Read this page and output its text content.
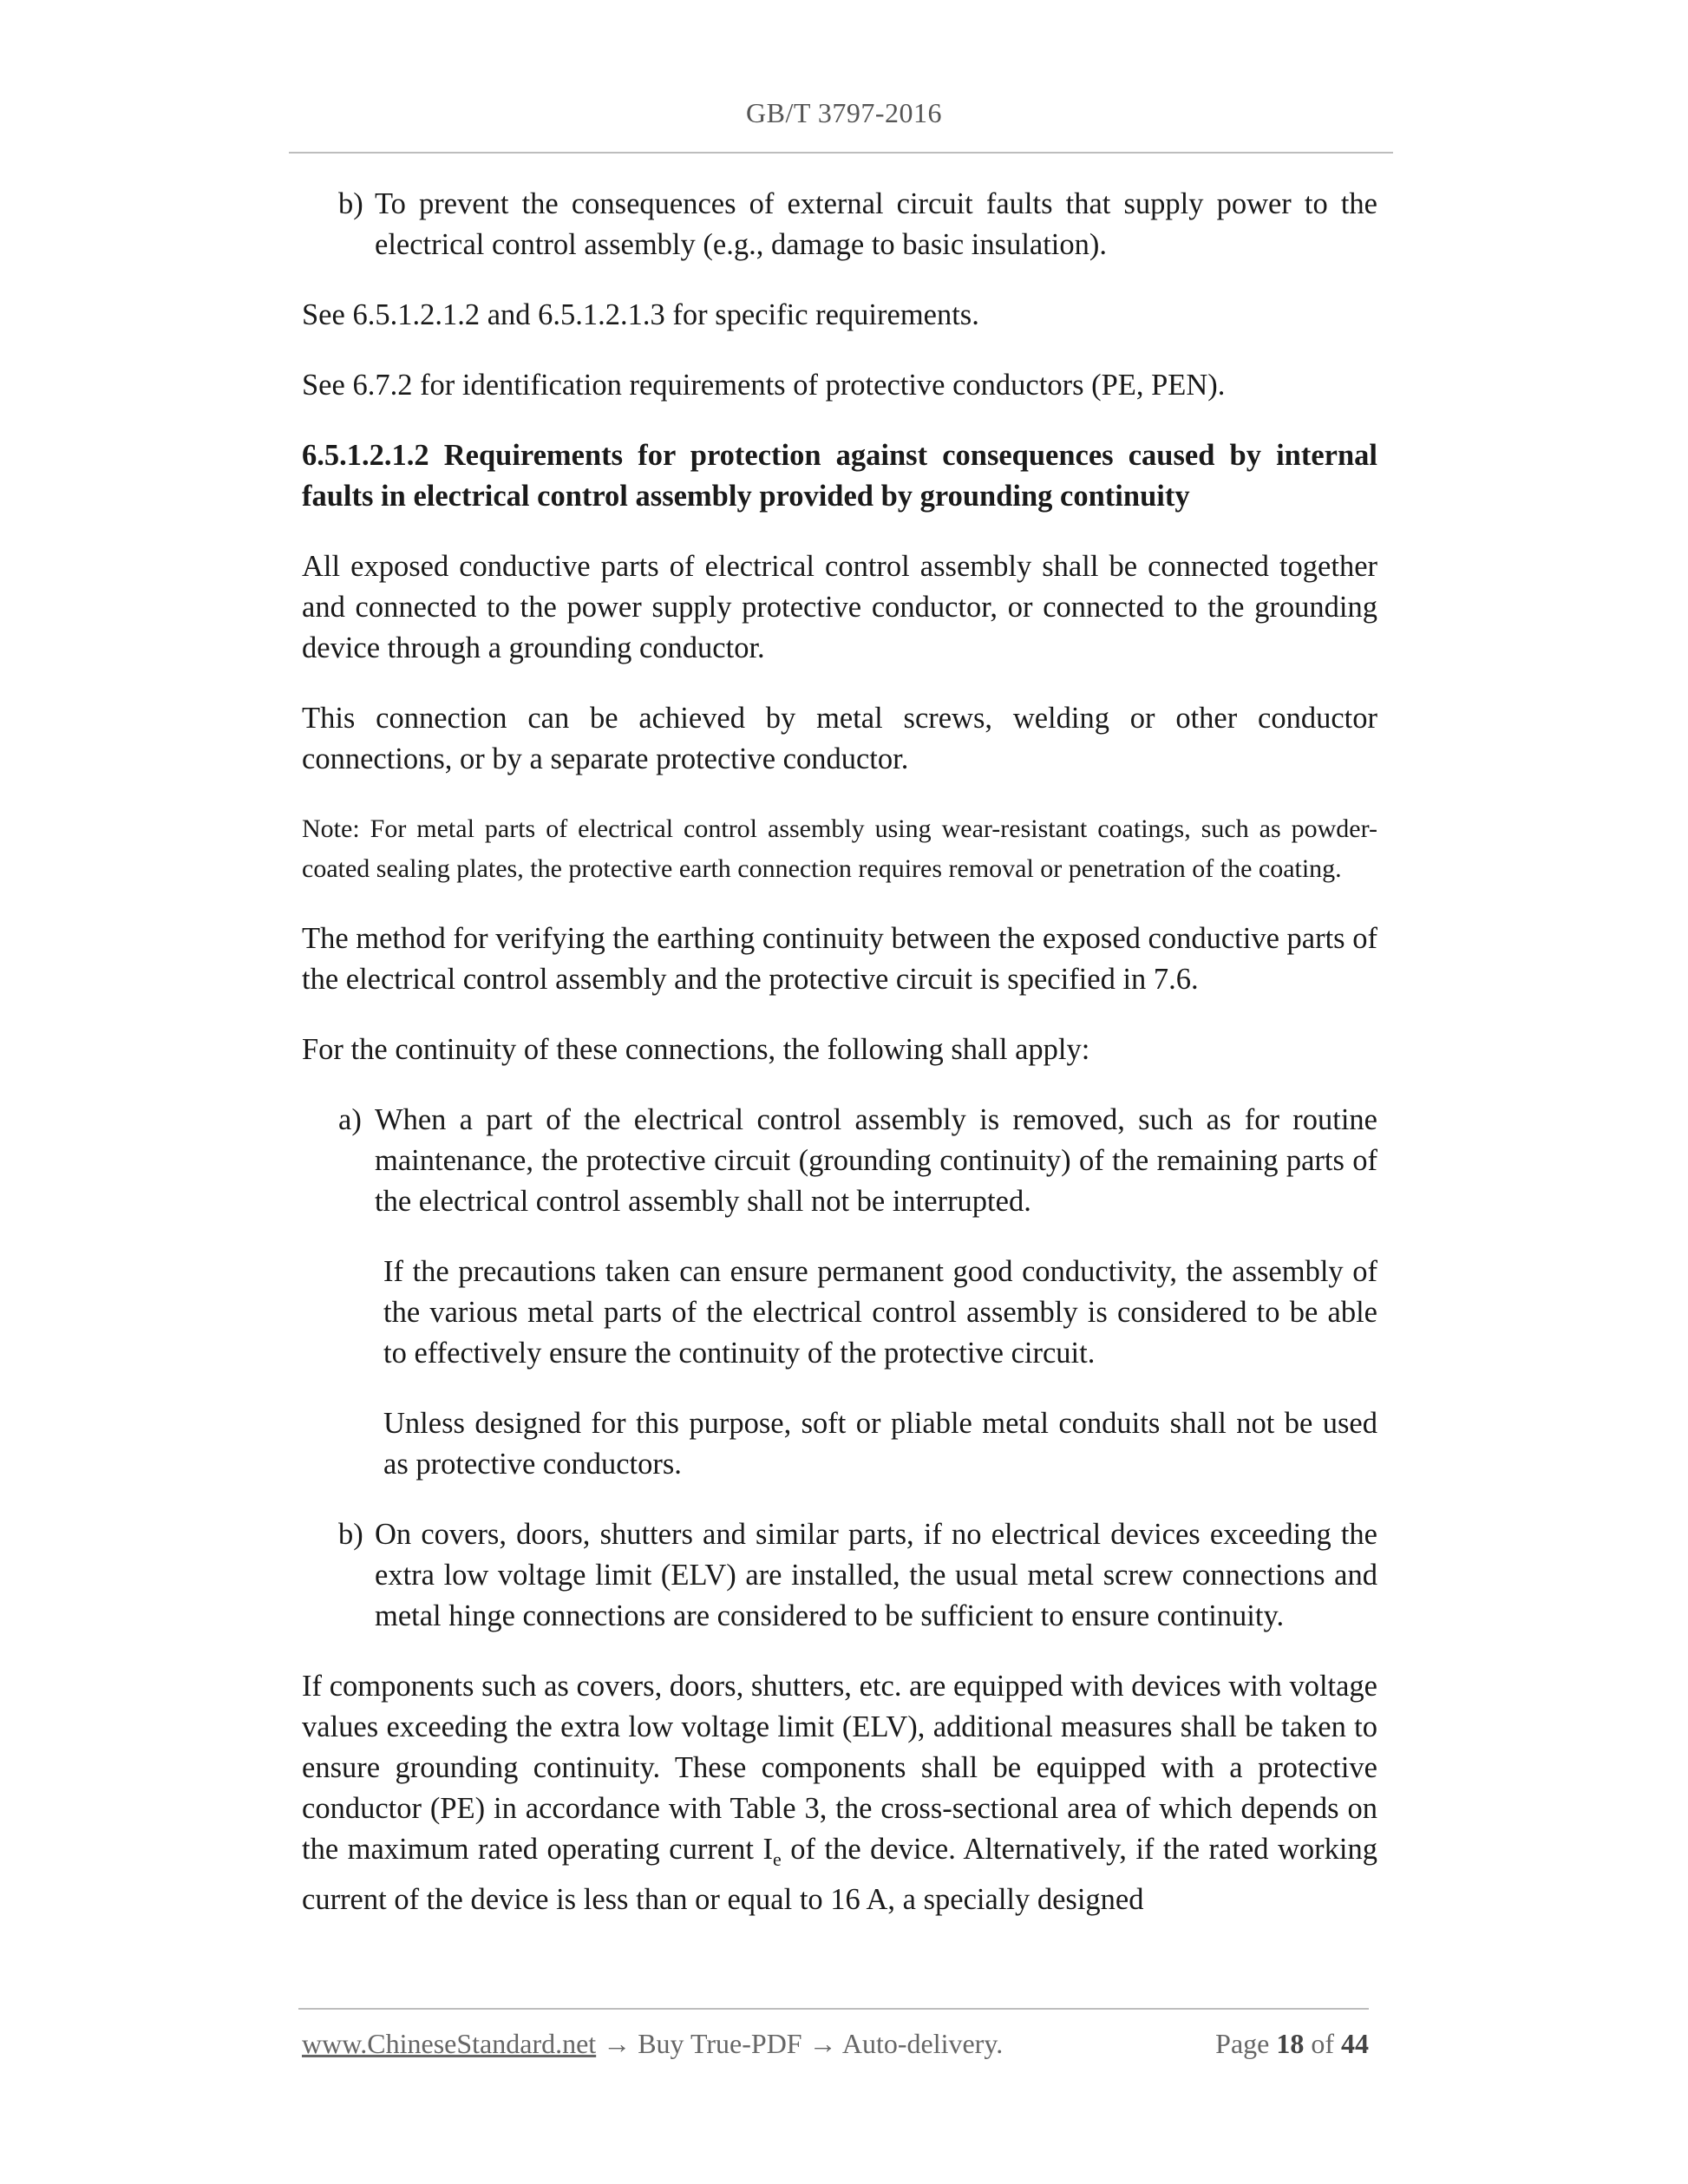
GB/T 3797-2016
b) To prevent the consequences of external circuit faults that supply power to the electrical control assembly (e.g., damage to basic insulation).

See 6.5.1.2.1.2 and 6.5.1.2.1.3 for specific requirements.

See 6.7.2 for identification requirements of protective conductors (PE, PEN).

6.5.1.2.1.2 Requirements for protection against consequences caused by internal faults in electrical control assembly provided by grounding continuity

All exposed conductive parts of electrical control assembly shall be connected together and connected to the power supply protective conductor, or connected to the grounding device through a grounding conductor.

This connection can be achieved by metal screws, welding or other conductor connections, or by a separate protective conductor.

Note: For metal parts of electrical control assembly using wear-resistant coatings, such as powder-coated sealing plates, the protective earth connection requires removal or penetration of the coating.

The method for verifying the earthing continuity between the exposed conductive parts of the electrical control assembly and the protective circuit is specified in 7.6.

For the continuity of these connections, the following shall apply:

a) When a part of the electrical control assembly is removed, such as for routine maintenance, the protective circuit (grounding continuity) of the remaining parts of the electrical control assembly shall not be interrupted.

If the precautions taken can ensure permanent good conductivity, the assembly of the various metal parts of the electrical control assembly is considered to be able to effectively ensure the continuity of the protective circuit.

Unless designed for this purpose, soft or pliable metal conduits shall not be used as protective conductors.

b) On covers, doors, shutters and similar parts, if no electrical devices exceeding the extra low voltage limit (ELV) are installed, the usual metal screw connections and metal hinge connections are considered to be sufficient to ensure continuity.

If components such as covers, doors, shutters, etc. are equipped with devices with voltage values exceeding the extra low voltage limit (ELV), additional measures shall be taken to ensure grounding continuity. These components shall be equipped with a protective conductor (PE) in accordance with Table 3, the cross-sectional area of which depends on the maximum rated operating current $I_e$ of the device. Alternatively, if the rated working current of the device is less than or equal to 16 A, a specially designed

www.ChineseStandard.net → Buy True-PDF → Auto-delivery.	Page 18 of 44
